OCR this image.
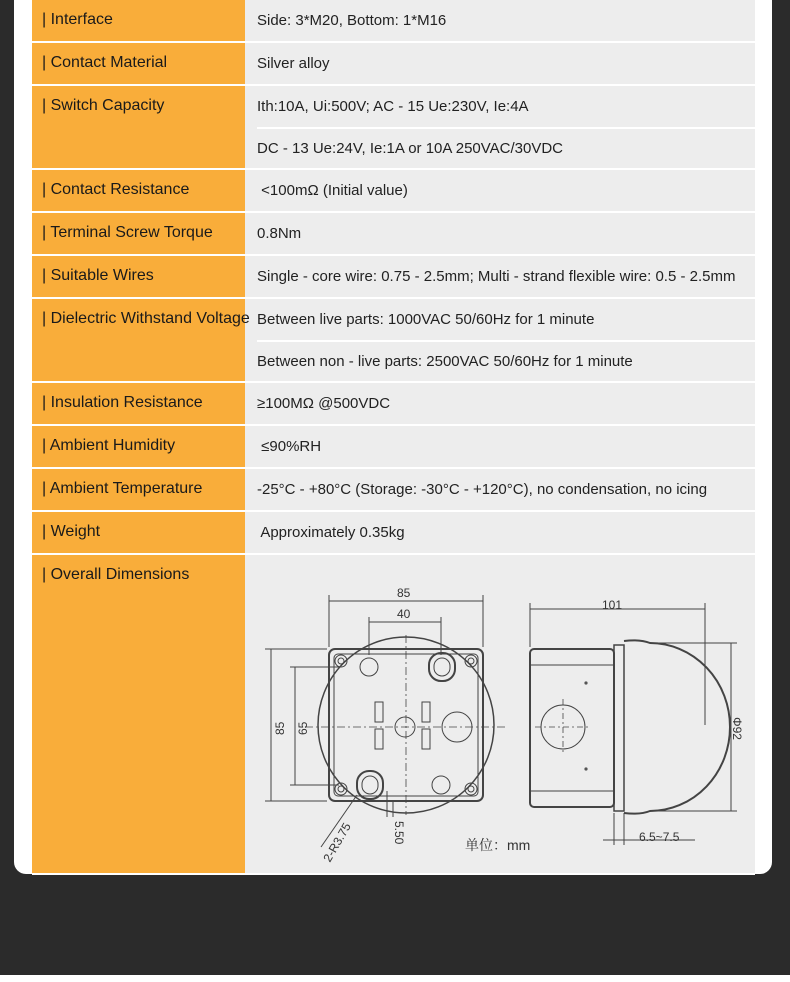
| Interface	Side: 3*M20, Bottom: 1*M16
| Contact Material	Silver alloy
| Switch Capacity	Ith:10A, Ui:500V; AC - 15 Ue:230V, Ie:4A
DC - 13 Ue:24V, Ie:1A or 10A 250VAC/30VDC
| Contact Resistance	<100mΩ (Initial value)
| Terminal Screw Torque	0.8Nm
| Suitable Wires	Single - core wire: 0.75 - 2.5mm; Multi - strand flexible wire: 0.5 - 2.5mm
| Dielectric Withstand Voltage Between live parts: 1000VAC 50/60Hz for 1 minute
Between non - live parts: 2500VAC 50/60Hz for 1 minute
| Insulation Resistance	≥100MΩ @500VDC
| Ambient Humidity	≤90%RH
| Ambient Temperature	-25°C - +80°C (Storage: -30°C - +120°C), no condensation, no icing
| Weight	Approximately 0.35kg
| Overall Dimensions
85
40
85 65
2-R3.75	5.50
101
Φ92
6.5~7.5
单位：mm
